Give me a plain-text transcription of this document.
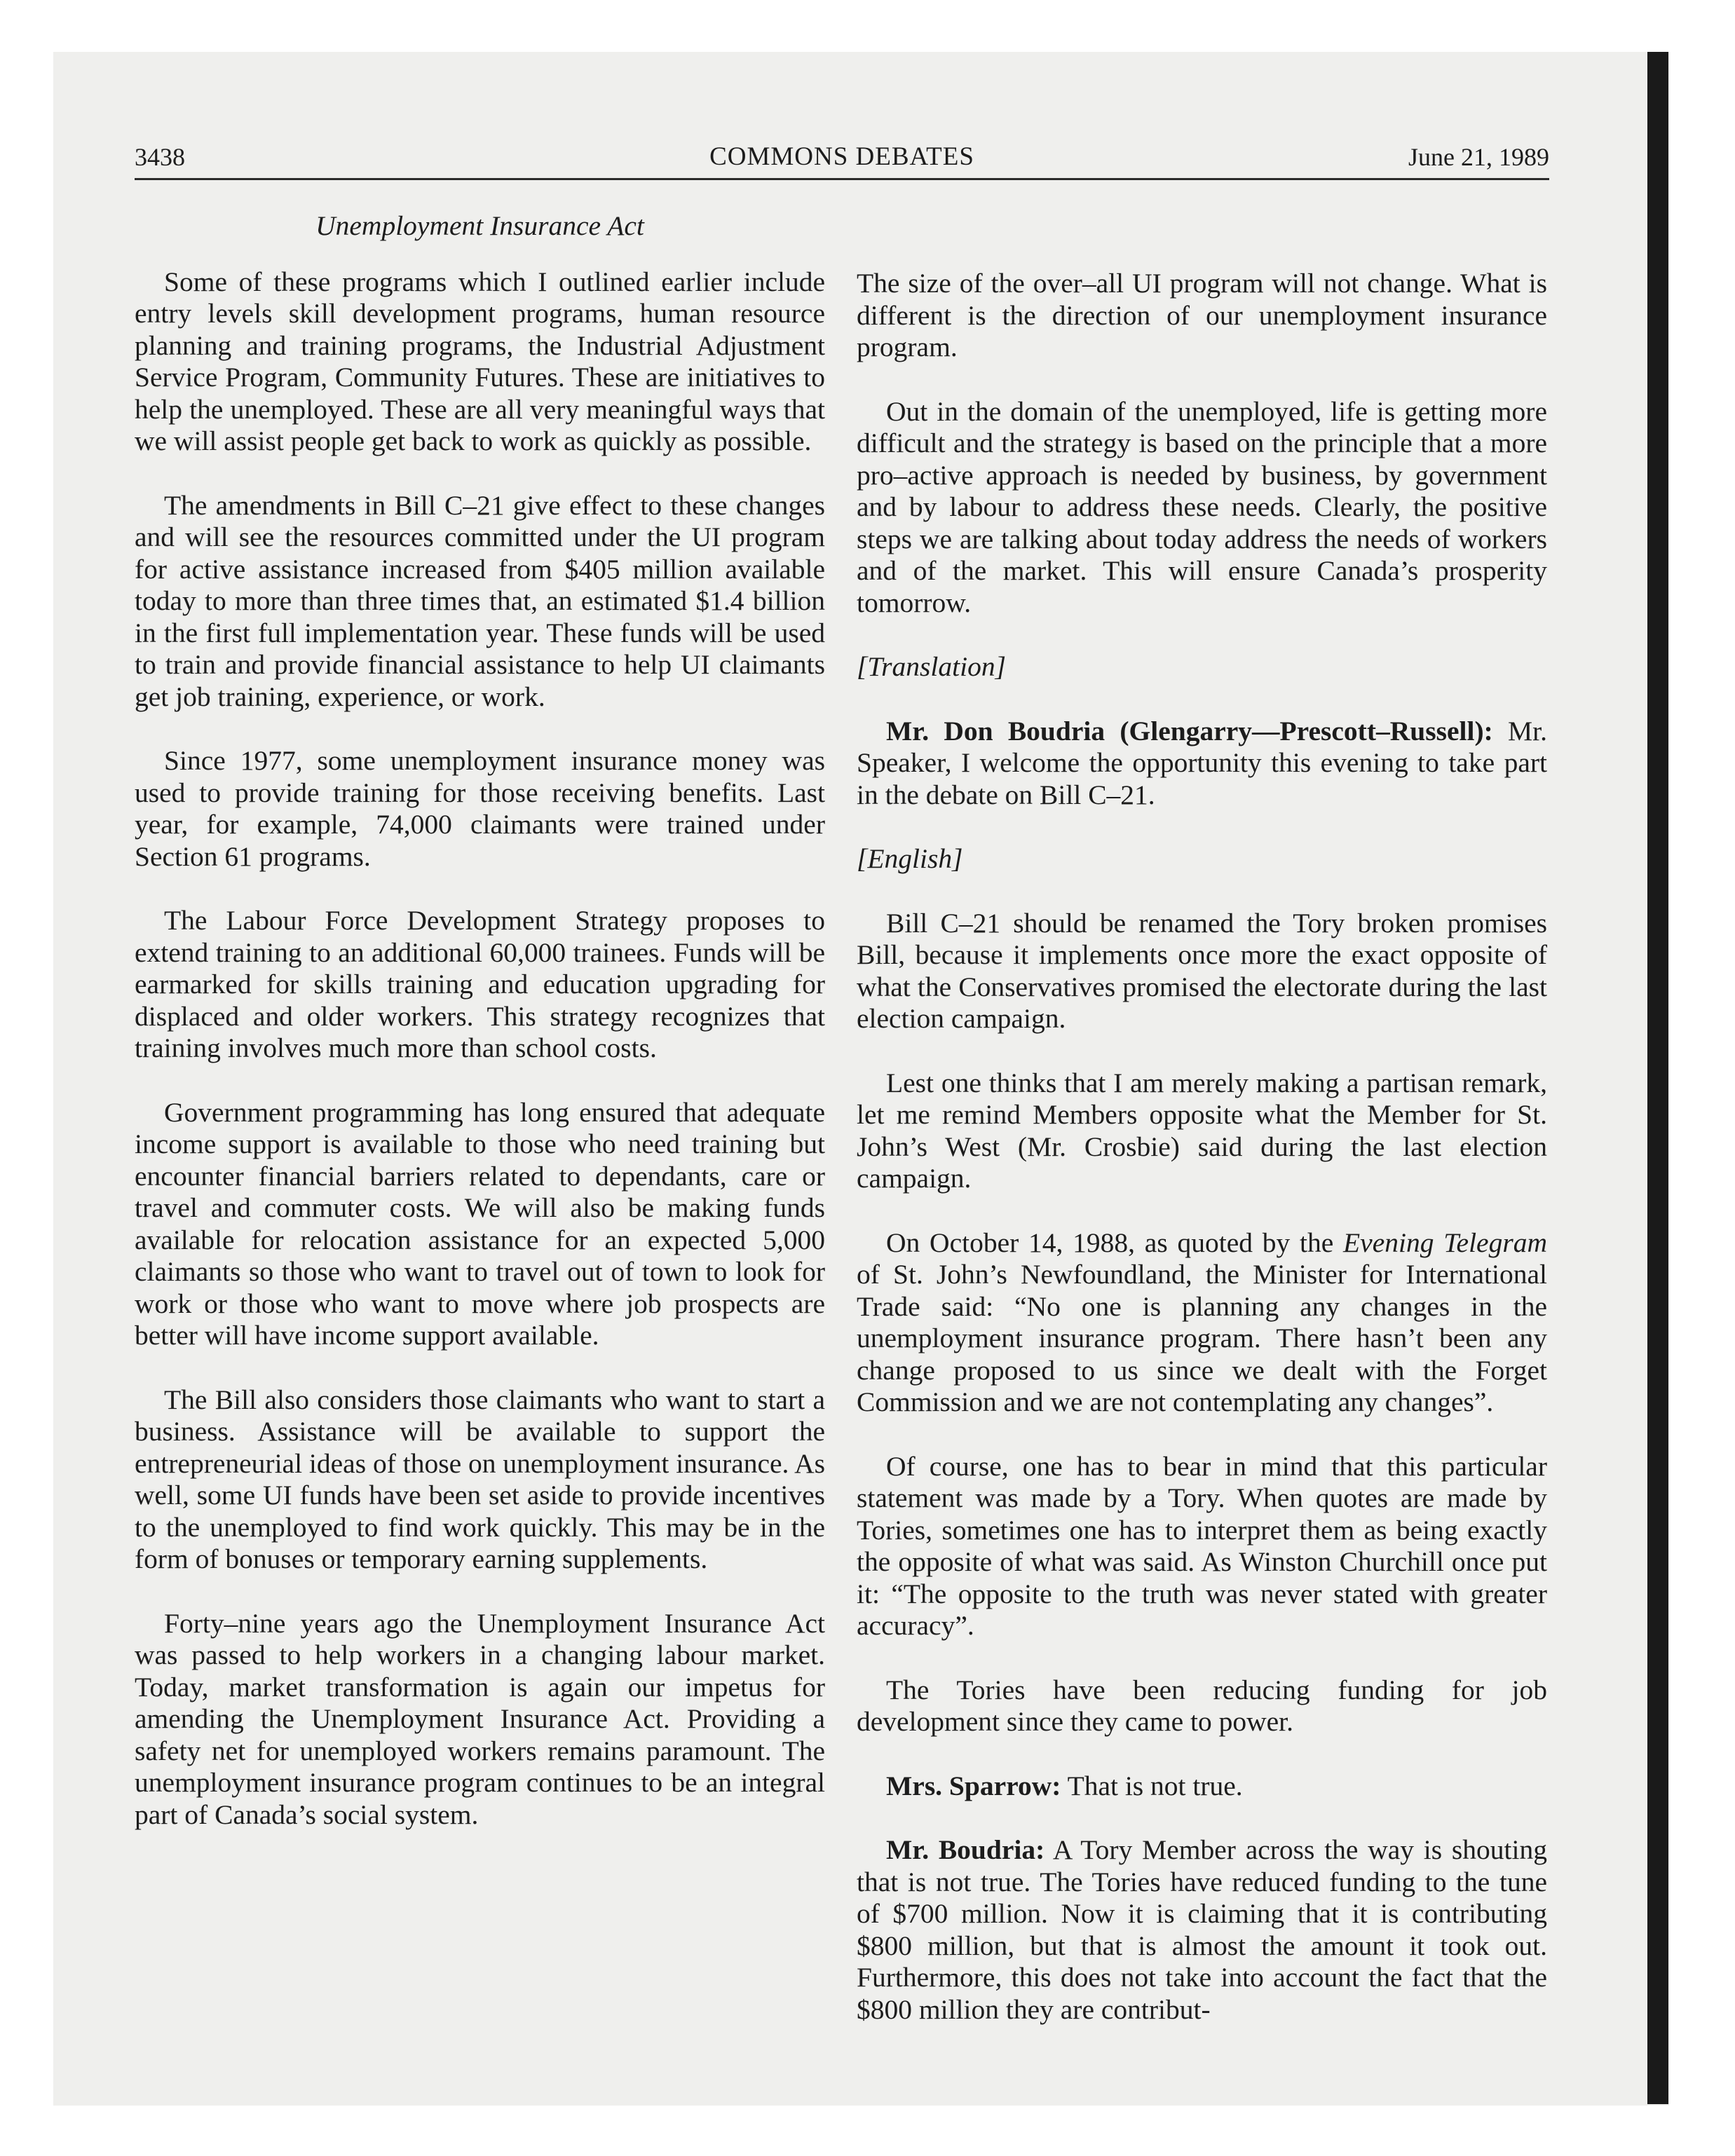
3438	COMMONS DEBATES	June 21, 1989
Unemployment Insurance Act

Some of these programs which I outlined earlier include entry levels skill development programs, human resource planning and training programs, the Industrial Adjustment Service Program, Community Futures. These are initiatives to help the unemployed. These are all very meaningful ways that we will assist people get back to work as quickly as possible.

The amendments in Bill C–21 give effect to these changes and will see the resources committed under the UI program for active assistance increased from $405 million available today to more than three times that, an estimated $1.4 billion in the first full implementation year. These funds will be used to train and provide financial assistance to help UI claimants get job training, experience, or work.

Since 1977, some unemployment insurance money was used to provide training for those receiving benefits. Last year, for example, 74,000 claimants were trained under Section 61 programs.

The Labour Force Development Strategy proposes to extend training to an additional 60,000 trainees. Funds will be earmarked for skills training and education upgrading for displaced and older workers. This strategy recognizes that training involves much more than school costs.

Government programming has long ensured that adequate income support is available to those who need training but encounter financial barriers related to dependants, care or travel and commuter costs. We will also be making funds available for relocation assistance for an expected 5,000 claimants so those who want to travel out of town to look for work or those who want to move where job prospects are better will have income support available.

The Bill also considers those claimants who want to start a business. Assistance will be available to support the entrepreneurial ideas of those on unemployment insurance. As well, some UI funds have been set aside to provide incentives to the unemployed to find work quickly. This may be in the form of bonuses or temporary earning supplements.

Forty–nine years ago the Unemployment Insurance Act was passed to help workers in a changing labour market. Today, market transformation is again our impetus for amending the Unemployment Insurance Act. Providing a safety net for unemployed workers remains paramount. The unemployment insurance program continues to be an integral part of Canada’s social system.

The size of the over–all UI program will not change. What is different is the direction of our unemployment insurance program.

Out in the domain of the unemployed, life is getting more difficult and the strategy is based on the principle that a more pro–active approach is needed by business, by government and by labour to address these needs. Clearly, the positive steps we are talking about today address the needs of workers and of the market. This will ensure Canada’s prosperity tomorrow.

[Translation]

Mr. Don Boudria (Glengarry—Prescott–Russell): Mr. Speaker, I welcome the opportunity this evening to take part in the debate on Bill C–21.

[English]

Bill C–21 should be renamed the Tory broken promises Bill, because it implements once more the exact opposite of what the Conservatives promised the electorate during the last election campaign.

Lest one thinks that I am merely making a partisan remark, let me remind Members opposite what the Member for St. John’s West (Mr. Crosbie) said during the last election campaign.

On October 14, 1988, as quoted by the Evening Telegram of St. John’s Newfoundland, the Minister for International Trade said: “No one is planning any changes in the unemployment insurance program. There hasn’t been any change proposed to us since we dealt with the Forget Commission and we are not contemplating any changes”.

Of course, one has to bear in mind that this particular statement was made by a Tory. When quotes are made by Tories, sometimes one has to interpret them as being exactly the opposite of what was said. As Winston Churchill once put it: “The opposite to the truth was never stated with greater accuracy”.

The Tories have been reducing funding for job development since they came to power.

Mrs. Sparrow: That is not true.

Mr. Boudria: A Tory Member across the way is shouting that is not true. The Tories have reduced funding to the tune of $700 million. Now it is claiming that it is contributing $800 million, but that is almost the amount it took out. Furthermore, this does not take into account the fact that the $800 million they are contribut-
